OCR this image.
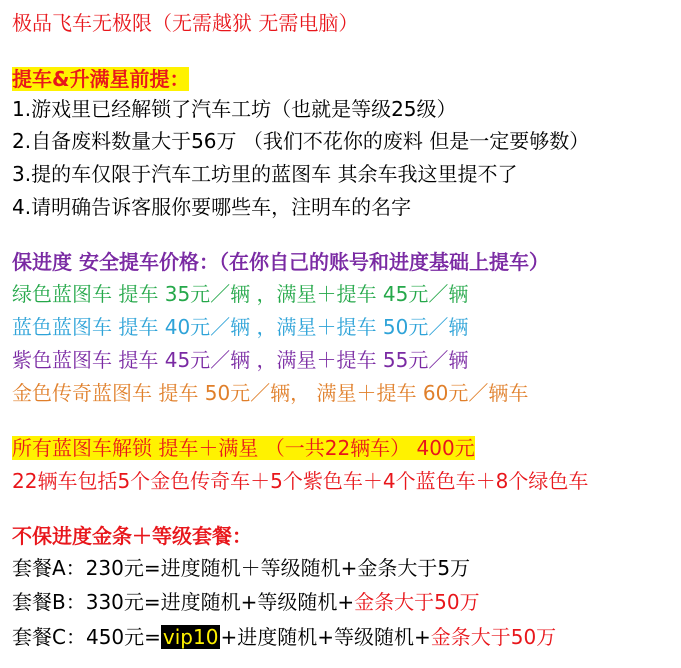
极品飞车无极限（无需越狱 无需电脑）
提车&升满星前提：
1.游戏里已经解锁了汽车工坊（也就是等级25级）
2.自备废料数量大于56万 （我们不花你的废料 但是一定要够数）
3.提的车仅限于汽车工坊里的蓝图车 其余车我这里提不了
4.请明确告诉客服你要哪些车，注明车的名字
保进度 安全提车价格：（在你自己的账号和进度基础上提车）
绿色蓝图车 提车 35元／辆 ，满星＋提车 45元／辆
蓝色蓝图车 提车 40元／辆 ，满星＋提车 50元／辆
紫色蓝图车 提车 45元／辆 ，满星＋提车 55元／辆
金色传奇蓝图车 提车 50元／辆， 满星＋提车 60元／辆车
所有蓝图车解锁 提车＋满星 （一共22辆车） 400元
22辆车包括5个金色传奇车＋5个紫色车＋4个蓝色车＋8个绿色车
不保进度金条＋等级套餐：
套餐A：230元=进度随机＋等级随机+金条大于5万
套餐B：330元=进度随机+等级随机+金条大于50万
套餐C：450元= vip10 +进度随机+等级随机+金条大于50万
